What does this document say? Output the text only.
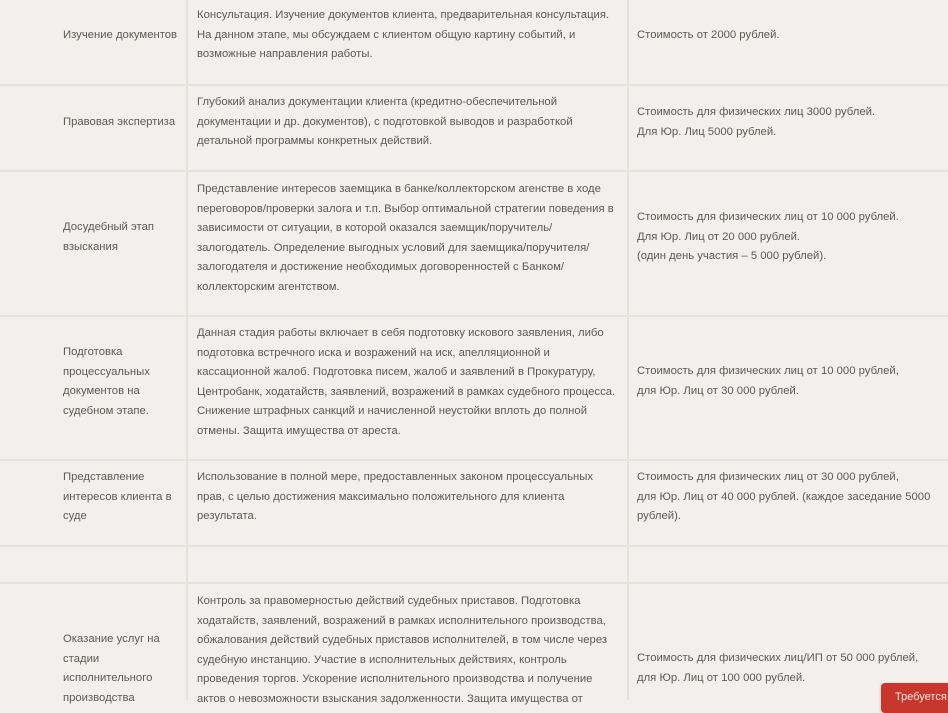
Изучение документов
Консультация. Изучение документов клиента, предварительная консультация.
На данном этапе, мы обсуждаем с клиентом общую картину событий, и
возможные направления работы.
Стоимость от 2000 рублей.
Правовая экспертиза
Глубокий анализ документации клиента (кредитно-обеспечительной
документации и др. документов), с подготовкой выводов и разработкой
детальной программы конкретных действий.
Стоимость для физических лиц 3000 рублей.
Для Юр. Лиц 5000 рублей.
Досудебный этап
взыскания
Представление интересов заемщика в банке/коллекторском агенстве в ходе
переговоров/проверки залога и т.п. Выбор оптимальной стратегии поведения в
зависимости от ситуации, в которой оказался заемщик/поручитель/
залогодатель. Определение выгодных условий для заемщика/поручителя/
залогодателя и достижение необходимых договоренностей с Банком/
коллекторским агентством.
Стоимость для физических лиц от 10 000 рублей.
Для Юр. Лиц от 20 000 рублей.
(один день участия – 5 000 рублей).
Подготовка
процессуальных
документов на
судебном этапе.
Данная стадия работы включает в себя подготовку искового заявления, либо
подготовка встречного иска и возражений на иск, апелляционной и
кассационной жалоб. Подготовка писем, жалоб и заявлений в Прокуратуру,
Центробанк, ходатайств, заявлений, возражений в рамках судебного процесса.
Снижение штрафных санкций и начисленной неустойки вплоть до полной
отмены. Защита имущества от ареста.
Стоимость для физических лиц от 10 000 рублей,
для Юр. Лиц от 30 000 рублей.
Представление
интересов клиента в
суде
Использование в полной мере, предоставленных законом процессуальных
прав, с целью достижения максимально положительного для клиента
результата.
Стоимость для физических лиц от 30 000 рублей,
для Юр. Лиц от 40 000 рублей. (каждое заседание 5000
рублей).
Оказание услуг на
стадии
исполнительного
производства
Контроль за правомерностью действий судебных приставов. Подготовка
ходатайств, заявлений, возражений в рамках исполнительного производства,
обжалования действий судебных приставов исполнителей, в том числе через
судебную инстанцию. Участие в исполнительных действиях, контроль
проведения торгов. Ускорение исполнительного производства и получение
актов о невозможности взыскания задолженности. Защита имущества от
Стоимость для физических лиц/ИП от 50 000 рублей,
для Юр. Лиц от 100 000 рублей.
Требуется
